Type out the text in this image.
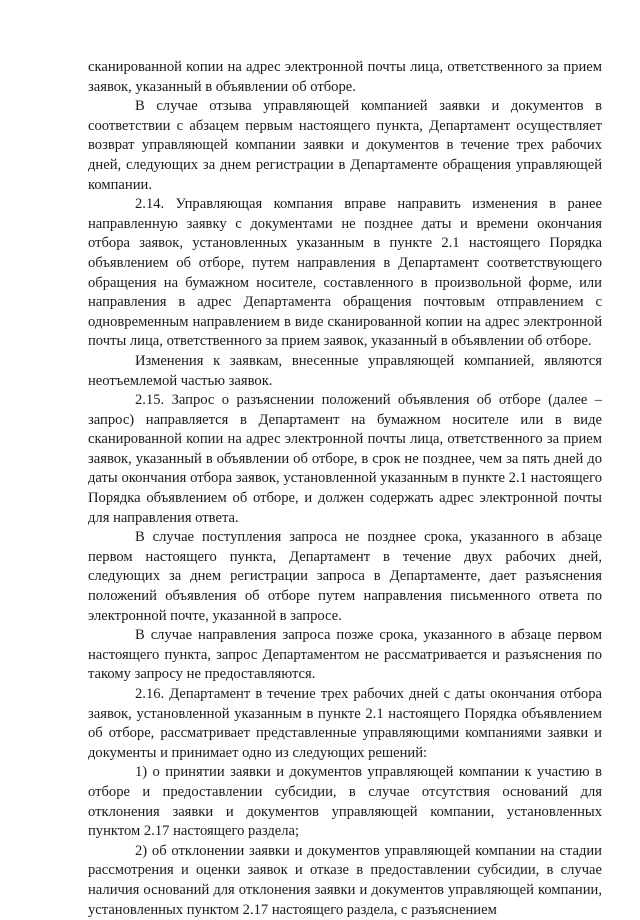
сканированной копии на адрес электронной почты лица, ответственного за прием заявок, указанный в объявлении об отборе.

В случае отзыва управляющей компанией заявки и документов в соответствии с абзацем первым настоящего пункта, Департамент осуществляет возврат управляющей компании заявки и документов в течение трех рабочих дней, следующих за днем регистрации в Департаменте обращения управляющей компании.

2.14. Управляющая компания вправе направить изменения в ранее направленную заявку с документами не позднее даты и времени окончания отбора заявок, установленных указанным в пункте 2.1 настоящего Порядка объявлением об отборе, путем направления в Департамент соответствующего обращения на бумажном носителе, составленного в произвольной форме, или направления в адрес Департамента обращения почтовым отправлением с одновременным направлением в виде сканированной копии на адрес электронной почты лица, ответственного за прием заявок, указанный в объявлении об отборе.

Изменения к заявкам, внесенные управляющей компанией, являются неотъемлемой частью заявок.

2.15. Запрос о разъяснении положений объявления об отборе (далее – запрос) направляется в Департамент на бумажном носителе или в виде сканированной копии на адрес электронной почты лица, ответственного за прием заявок, указанный в объявлении об отборе, в срок не позднее, чем за пять дней до даты окончания отбора заявок, установленной указанным в пункте 2.1 настоящего Порядка объявлением об отборе, и должен содержать адрес электронной почты для направления ответа.

В случае поступления запроса не позднее срока, указанного в абзаце первом настоящего пункта, Департамент в течение двух рабочих дней, следующих за днем регистрации запроса в Департаменте, дает разъяснения положений объявления об отборе путем направления письменного ответа по электронной почте, указанной в запросе.

В случае направления запроса позже срока, указанного в абзаце первом настоящего пункта, запрос Департаментом не рассматривается и разъяснения по такому запросу не предоставляются.

2.16. Департамент в течение трех рабочих дней с даты окончания отбора заявок, установленной указанным в пункте 2.1 настоящего Порядка объявлением об отборе, рассматривает представленные управляющими компаниями заявки и документы и принимает одно из следующих решений:

1) о принятии заявки и документов управляющей компании к участию в отборе и предоставлении субсидии, в случае отсутствия оснований для отклонения заявки и документов управляющей компании, установленных пунктом 2.17 настоящего раздела;

2) об отклонении заявки и документов управляющей компании на стадии рассмотрения и оценки заявок и отказе в предоставлении субсидии, в случае наличия оснований для отклонения заявки и документов управляющей компании, установленных пунктом 2.17 настоящего раздела, с разъяснением
